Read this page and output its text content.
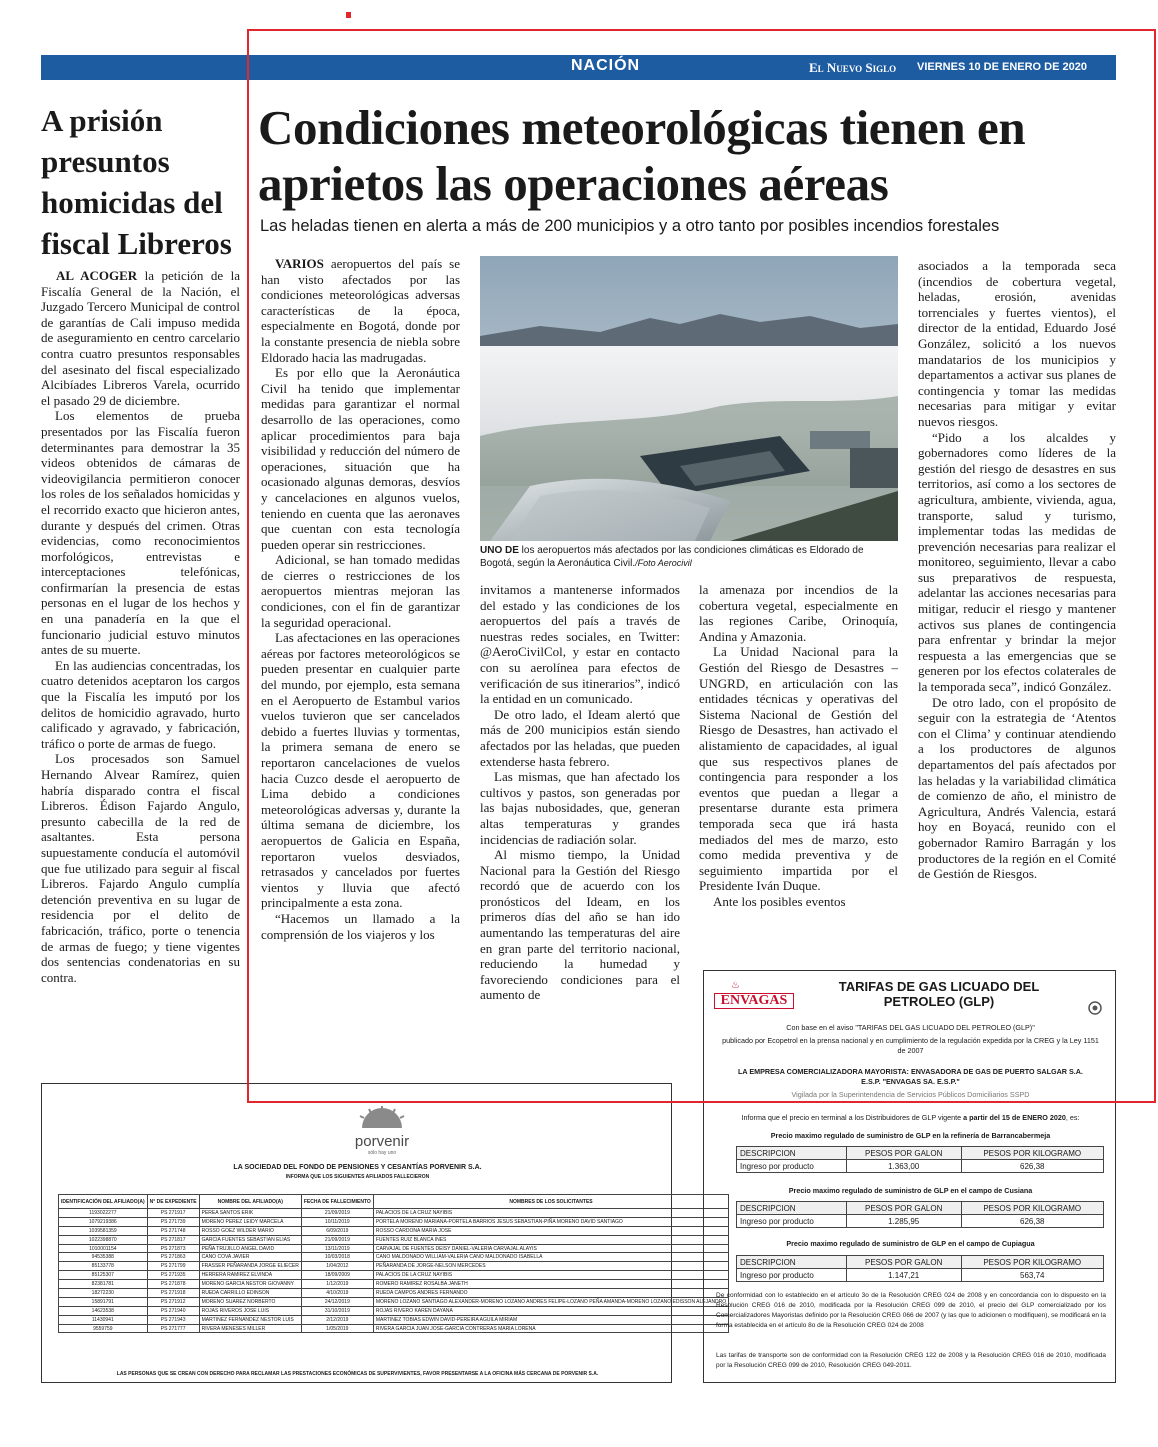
NACIÓN	El Nuevo Siglo VIERNES 10 DE ENERO DE 2020	9B
A prisión presuntos homicidas del fiscal Libreros

AL ACOGER la petición de la Fiscalía General de la Nación, el Juzgado Tercero Municipal de control de garantías de Cali impuso medida de aseguramiento en centro carcelario contra cuatro presuntos responsables del asesinato del fiscal especializado Alcibíades Libreros Varela, ocurrido el pasado 29 de diciembre.

Los elementos de prueba presentados por las Fiscalía fueron determinantes para demostrar la 35 videos obtenidos de cámaras de videovigilancia permitieron conocer los roles de los señalados homicidas y el recorrido exacto que hicieron antes, durante y después del crimen. Otras evidencias, como reconocimientos morfológicos, entrevistas e interceptaciones telefónicas, confirmarían la presencia de estas personas en el lugar de los hechos y en una panadería en la que el funcionario judicial estuvo minutos antes de su muerte.

En las audiencias concentradas, los cuatro detenidos aceptaron los cargos que la Fiscalía les imputó por los delitos de homicidio agravado, hurto calificado y agravado, y fabricación, tráfico o porte de armas de fuego.

Los procesados son Samuel Hernando Alvear Ramírez, quien habría disparado contra el fiscal Libreros. Édison Fajardo Angulo, presunto cabecilla de la red de asaltantes. Esta persona supuestamente conducía el automóvil que fue utilizado para seguir al fiscal Libreros. Fajardo Angulo cumplía detención preventiva en su lugar de residencia por el delito de fabricación, tráfico, porte o tenencia de armas de fuego; y tiene vigentes dos sentencias condenatorias en su contra.

Condiciones meteorológicas tienen en aprietos las operaciones aéreas
Las heladas tienen en alerta a más de 200 municipios y a otro tanto por posibles incendios forestales

VARIOS aeropuertos del país se han visto afectados por las condiciones meteorológicas adversas características de la época, especialmente en Bogotá, donde por la constante presencia de niebla sobre Eldorado hacia las madrugadas.

Es por ello que la Aeronáutica Civil ha tenido que implementar medidas para garantizar el normal desarrollo de las operaciones, como aplicar procedimientos para baja visibilidad y reducción del número de operaciones, situación que ha ocasionado algunas demoras, desvíos y cancelaciones en algunos vuelos, teniendo en cuenta que las aeronaves que cuentan con esta tecnología pueden operar sin restricciones.

Adicional, se han tomado medidas de cierres o restricciones de los aeropuertos mientras mejoran las condiciones, con el fin de garantizar la seguridad operacional.

Las afectaciones en las operaciones aéreas por factores meteorológicos se pueden presentar en cualquier parte del mundo, por ejemplo, esta semana en el Aeropuerto de Estambul varios vuelos tuvieron que ser cancelados debido a fuertes lluvias y tormentas, la primera semana de enero se reportaron cancelaciones de vuelos hacia Cuzco desde el aeropuerto de Lima debido a condiciones meteorológicas adversas y, durante la última semana de diciembre, los aeropuertos de Galicia en España, reportaron vuelos desviados, retrasados y cancelados por fuertes vientos y lluvia que afectó principalmente a esta zona.

“Hacemos un llamado a la comprensión de los viajeros y los

UNO DE los aeropuertos más afectados por las condiciones climáticas es Eldorado de Bogotá, según la Aeronáutica Civil./Foto Aerocivil

invitamos a mantenerse informados del estado y las condiciones de los aeropuertos del país a través de nuestras redes sociales, en Twitter: @AeroCivilCol, y estar en contacto con su aerolínea para efectos de verificación de sus itinerarios”, indicó la entidad en un comunicado.

De otro lado, el Ideam alertó que más de 200 municipios están siendo afectados por las heladas, que pueden extenderse hasta febrero.

Las mismas, que han afectado los cultivos y pastos, son generadas por las bajas nubosidades, que, generan altas temperaturas y grandes incidencias de radiación solar.

Al mismo tiempo, la Unidad Nacional para la Gestión del Riesgo recordó que de acuerdo con los pronósticos del Ideam, en los primeros días del año se han ido aumentando las temperaturas del aire en gran parte del territorio nacional, reduciendo la humedad y favoreciendo condiciones para el aumento de

la amenaza por incendios de la cobertura vegetal, especialmente en las regiones Caribe, Orinoquía, Andina y Amazonia.

La Unidad Nacional para la Gestión del Riesgo de Desastres – UNGRD, en articulación con las entidades técnicas y operativas del Sistema Nacional de Gestión del Riesgo de Desastres, han activado el alistamiento de capacidades, al igual que sus respectivos planes de contingencia para responder a los eventos que puedan a llegar a presentarse durante esta primera temporada seca que irá hasta mediados del mes de marzo, esto como medida preventiva y de seguimiento impartida por el Presidente Iván Duque.

Ante los posibles eventos

asociados a la temporada seca (incendios de cobertura vegetal, heladas, erosión, avenidas torrenciales y fuertes vientos), el director de la entidad, Eduardo José González, solicitó a los nuevos mandatarios de los municipios y departamentos a activar sus planes de contingencia y tomar las medidas necesarias para mitigar y evitar nuevos riesgos.

“Pido a los alcaldes y gobernadores como líderes de la gestión del riesgo de desastres en sus territorios, así como a los sectores de agricultura, ambiente, vivienda, agua, transporte, salud y turismo, implementar todas las medidas de prevención necesarias para realizar el monitoreo, seguimiento, llevar a cabo sus preparativos de respuesta, adelantar las acciones necesarias para mitigar, reducir el riesgo y mantener activos sus planes de contingencia para enfrentar y brindar la mejor respuesta a las emergencias que se generen por los efectos colaterales de la temporada seca”, indicó González.

De otro lado, con el propósito de seguir con la estrategia de ‘Atentos con el Clima’ y continuar atendiendo a los productores de algunos departamentos del país afectados por las heladas y la variabilidad climática de comienzo de año, el ministro de Agricultura, Andrés Valencia, estará hoy en Boyacá, reunido con el gobernador Ramiro Barragán y los productores de la región en el Comité de Gestión de Riesgos.

porvenir
sólo hay uno
LA SOCIEDAD DEL FONDO DE PENSIONES Y CESANTÍAS PORVENIR S.A.
INFORMA QUE LOS SIGUIENTES AFILIADOS FALLECIERON
IDENTIFICACIÓN DEL AFILIADO(A)	N° DE EXPEDIENTE	NOMBRE DEL AFILIADO(A)	FECHA DE FALLECIMIENTO	NOMBRES DE LOS SOLICITANTES
1193022277	PS 271917	PEREA SANTOS ERIK	21/09/2019	PALACIOS DE LA CRUZ NAYIBIS
1079219386	PS 271739	MORENO PEREZ LEIDY MARCELA	10/11/2019	PORTELA MORENO MARIANA-PORTELA BARRIOS JESUS SEBASTIAN-PIÑA MORENO DAVID SANTIAGO
1039581359	PS 271748	ROSSO GOEZ WILDER MARIO	6/09/2019	ROSSO CARDONA MARIA JOSE
1022398870	PS 271817	GARCIA FUENTES SEBASTIAN ELIAS	21/09/2019	FUENTES RUIZ BLANCA INES
1010001154	PS 271873	PEÑA TRUJILLO ANGEL DAVID	13/11/2019	CARVAJAL DE FUENTES DEISY DANIEL-VALERIA CARVAJAL ALAYIS
94535388	PS 271863	CANO COVA JAVIER	10/03/2018	CANO MALDONADO WILLIAM-VALERIA CANO MALDONADO ISABELLA
85133778	PS 271799	FRASSER PEÑARANDA JORGE ELIECER	1/04/2012	PEÑARANDA DE JORGE-NELSON MERCEDES
85125307	PS 271935	HERRERA RAMIREZ ELVINDA	18/09/2009	PALACIOS DE LA CRUZ NAYIBIS
82381781	PS 271878	MORENO GARCIA NESTOR GIOVANNY	1/12/2019	ROMERO RAMIREZ ROSALBA JANETH
18272230	PS 271918	RUEDA CARRILLO EDINSON	4/10/2019	RUEDA CAMPOS ANDRES FERNANDO
15891791	PS 271912	MORENO SUAREZ NORBERTO	24/12/2019	MORENO LOZANO SANTIAGO ALEXANDER-MORENO LOZANO ANDRES FELIPE-LOZANO PEÑA AMANDA-MORENO LOZANO EDISSON ALEJANDRO
14623538	PS 271940	ROJAS RIVEROS JOSE LUIS	31/10/2019	ROJAS RIVERO KAREN DAYANA
11430941	PS 271943	MARTINEZ FERNANDEZ NESTOR LUIS	2/12/2019	MARTINEZ TOBIAS EDWIN DAVID-PEREIRA AGUILA MIRIAM
9559759	PS 271777	RIVERA MENESES MILLER	1/05/2019	RIVERA GARCIA JUAN JOSE-GARCIA CONTRERAS MARIA LORENA
LAS PERSONAS QUE SE CREAN CON DERECHO PARA RECLAMAR LAS PRESTACIONES ECONÓMICAS DE SUPERVIVIENTES, FAVOR PRESENTARSE A LA OFICINA MÁS CERCANA DE PORVENIR S.A.
♨
ENVAGAS
TARIFAS DE GAS LICUADO DEL PETROLEO (GLP)
Con base en el aviso "TARIFAS DEL GAS LICUADO DEL PETROLEO (GLP)"
publicado por Ecopetrol en la prensa nacional y en cumplimiento de la regulación expedida por la CREG y la Ley 1151 de 2007
LA EMPRESA COMERCIALIZADORA MAYORISTA: ENVASADORA DE GAS DE PUERTO SALGAR S.A. E.S.P. "ENVAGAS SA. E.S.P."
Vigilada por la Superintendencia de Servicios Públicos Domiciliarios SSPD
Informa que el precio en terminal a los Distribuidores de GLP vigente a partir del 15 de ENERO 2020, es:
Precio maximo regulado de suministro de GLP en la refinería de Barrancabermeja
DESCRIPCION	PESOS POR GALON	PESOS POR KILOGRAMO
Ingreso por producto	1.363,00	626,38
Precio maximo regulado de suministro de GLP en el campo de Cusiana
DESCRIPCION	PESOS POR GALON	PESOS POR KILOGRAMO
Ingreso por producto	1.285,95	626,38
Precio maximo regulado de suministro de GLP en el campo de Cupiagua
DESCRIPCION	PESOS POR GALON	PESOS POR KILOGRAMO
Ingreso por producto	1.147,21	563,74
De conformidad con lo establecido en el artículo 3o de la Resolución CREG 024 de 2008 y en concordancia con lo dispuesto en la Resolución CREG 016 de 2010, modificada por la Resolución CREG 099 de 2010, el precio del GLP comercializado por los Comercializadores Mayoristas definido por la Resolución CREG 066 de 2007 (y las que lo adicionen o modifiquen), se modificará en la forma establecida en el artículo 8o de la Resolución CREG 024 de 2008
Las tarifas de transporte son de conformidad con la Resolución CREG 122 de 2008 y la Resolución CREG 016 de 2010, modificada por la Resolución CREG 099 de 2010, Resolución CREG 049-2011.
